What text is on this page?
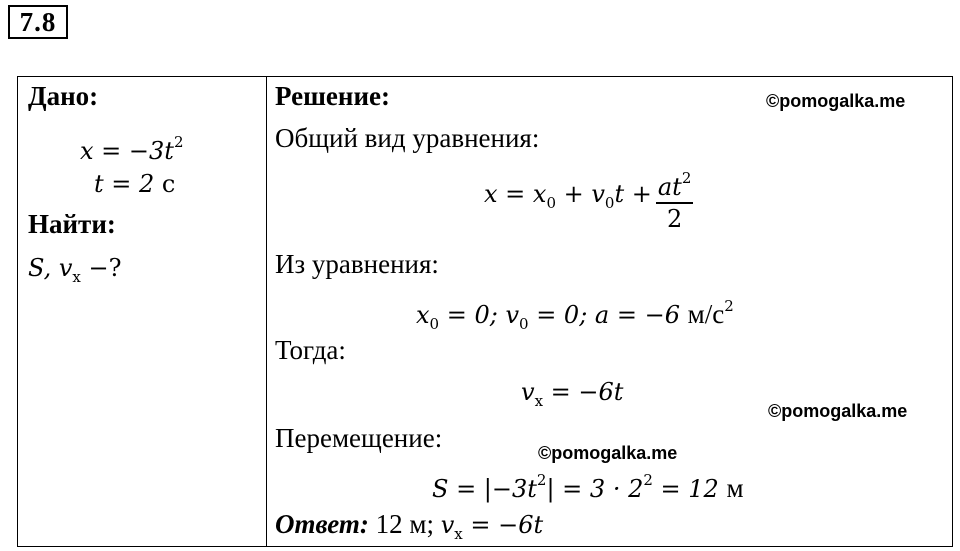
7.8
Дано:
$x = -3t^2$
t = 2 с
Найти:
S, $v_x$ −?
Решение:	©pomogalka.me
Общий вид уравнения:
$x = x_0 + v_0t + \frac{at^2}{2}$
Из уравнения:
$x_0 = 0$; $v_0 = 0$; a = −6 $м/с^2$
Тогда:
$v_x = -6t$
©pomogalka.me
Перемещение:	©pomogalka.me
$S = |-3t^2| = 3 \cdot 2^2 = 12$ м
Ответ: 12 м; $v_x = -6t$
